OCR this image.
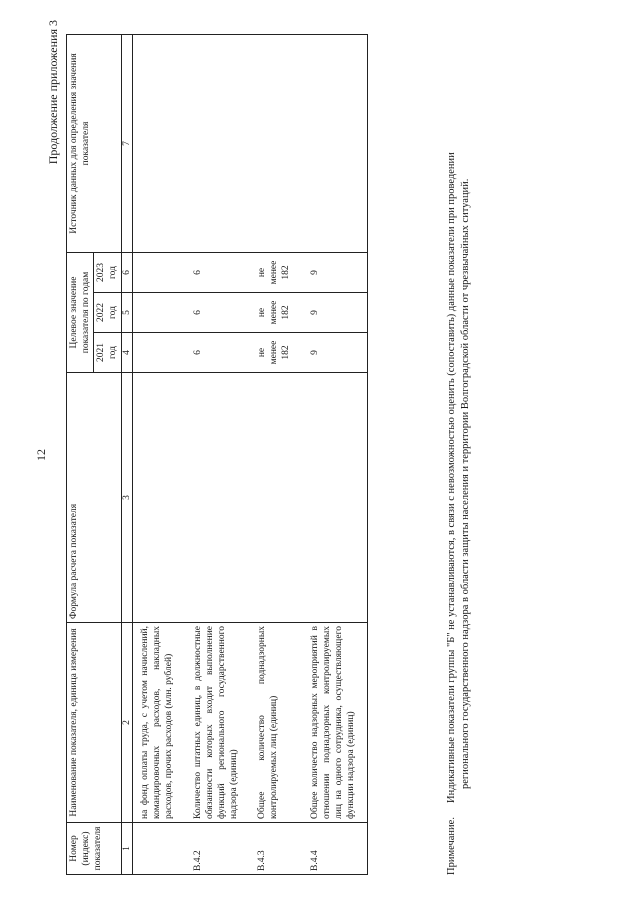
12
Продолжение приложения 3
Номер (индекс) показателя	Наименование показателя, единица измерения	Формула расчета показателя	Целевое значение показателя по годам			Источник данных для определения значения показателя
			2021 год	2022 год	2023 год	
1	2	3	4	5	6	7
	на фонд оплаты труда, с учетом начислений, командировочных расходов, накладных расходов, прочих расходов (млн. рублей)					
В.4.2	Количество штатных единиц, в должностные обязанности которых входит выполнение функций регионального государственного надзора (единиц)		6	6	6	
В.4.3	Общее количество поднадзорных контролируемых лиц (единиц)		не менее 182	не менее 182	не менее 182	
В.4.4	Общее количество надзорных мероприятий в отношении поднадзорных контролируемых лиц на одного сотрудника, осуществляющего функции надзора (единиц)		9	9	9	
Примечание.Индикативные показатели группы "Б" не устанавливаются, в связи с невозможностью оценить (сопоставить) данные показатели при проведении регионального государственного надзора в области защиты населения и территории Волгоградской области от чрезвычайных ситуаций.
